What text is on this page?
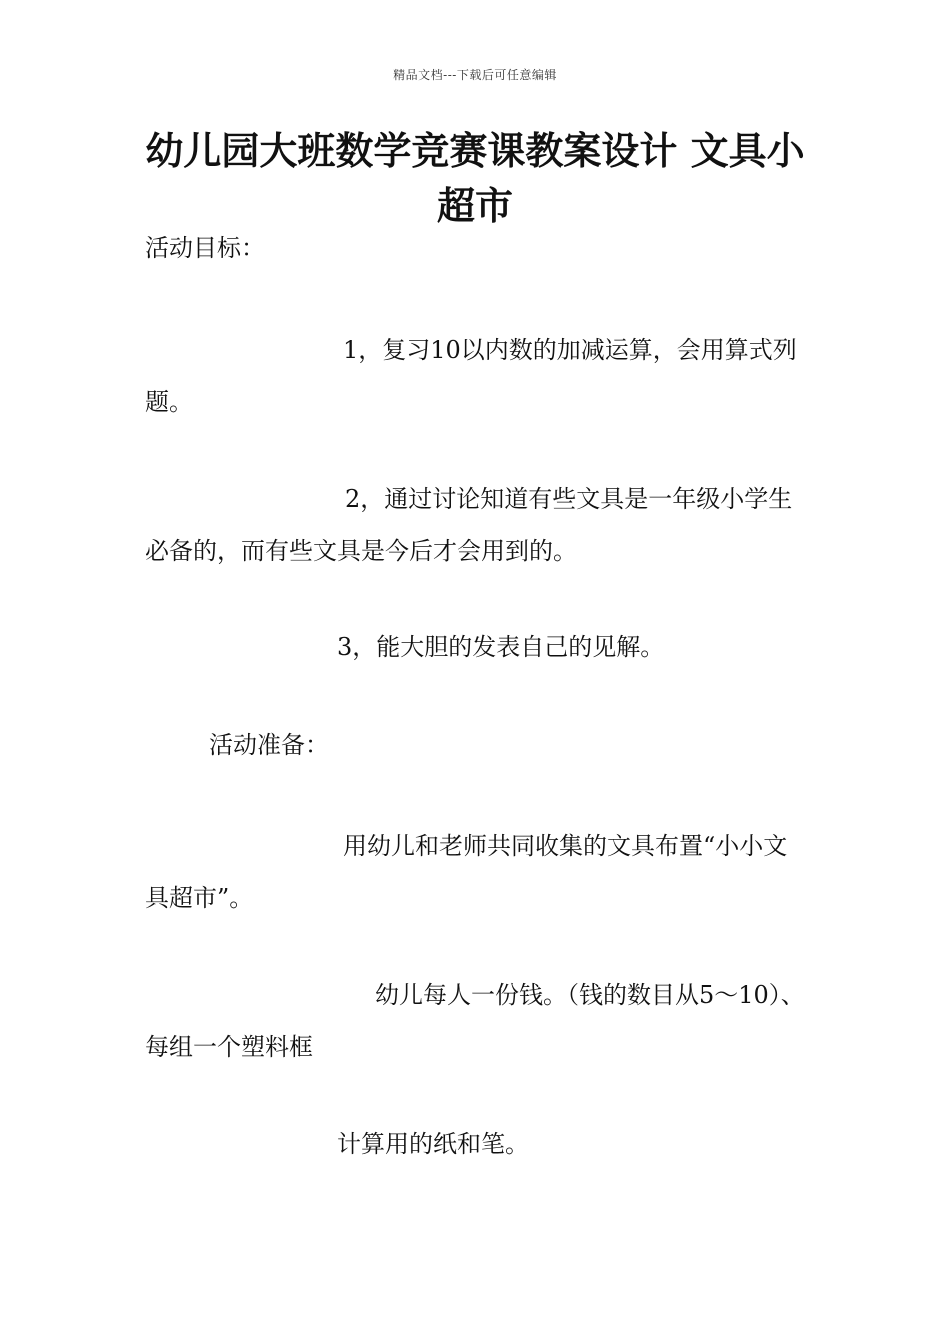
精品文档---下载后可任意编辑
幼儿园大班数学竞赛课教案设计 文具小超市
活动目标：
1，复习10以内数的加减运算，会用算式列题。
2，通过讨论知道有些文具是一年级小学生必备的，而有些文具是今后才会用到的。
3，能大胆的发表自己的见解。
活动准备：
用幼儿和老师共同收集的文具布置“小小文具超市”。
幼儿每人一份钱。（钱的数目从5～10）、每组一个塑料框
计算用的纸和笔。
